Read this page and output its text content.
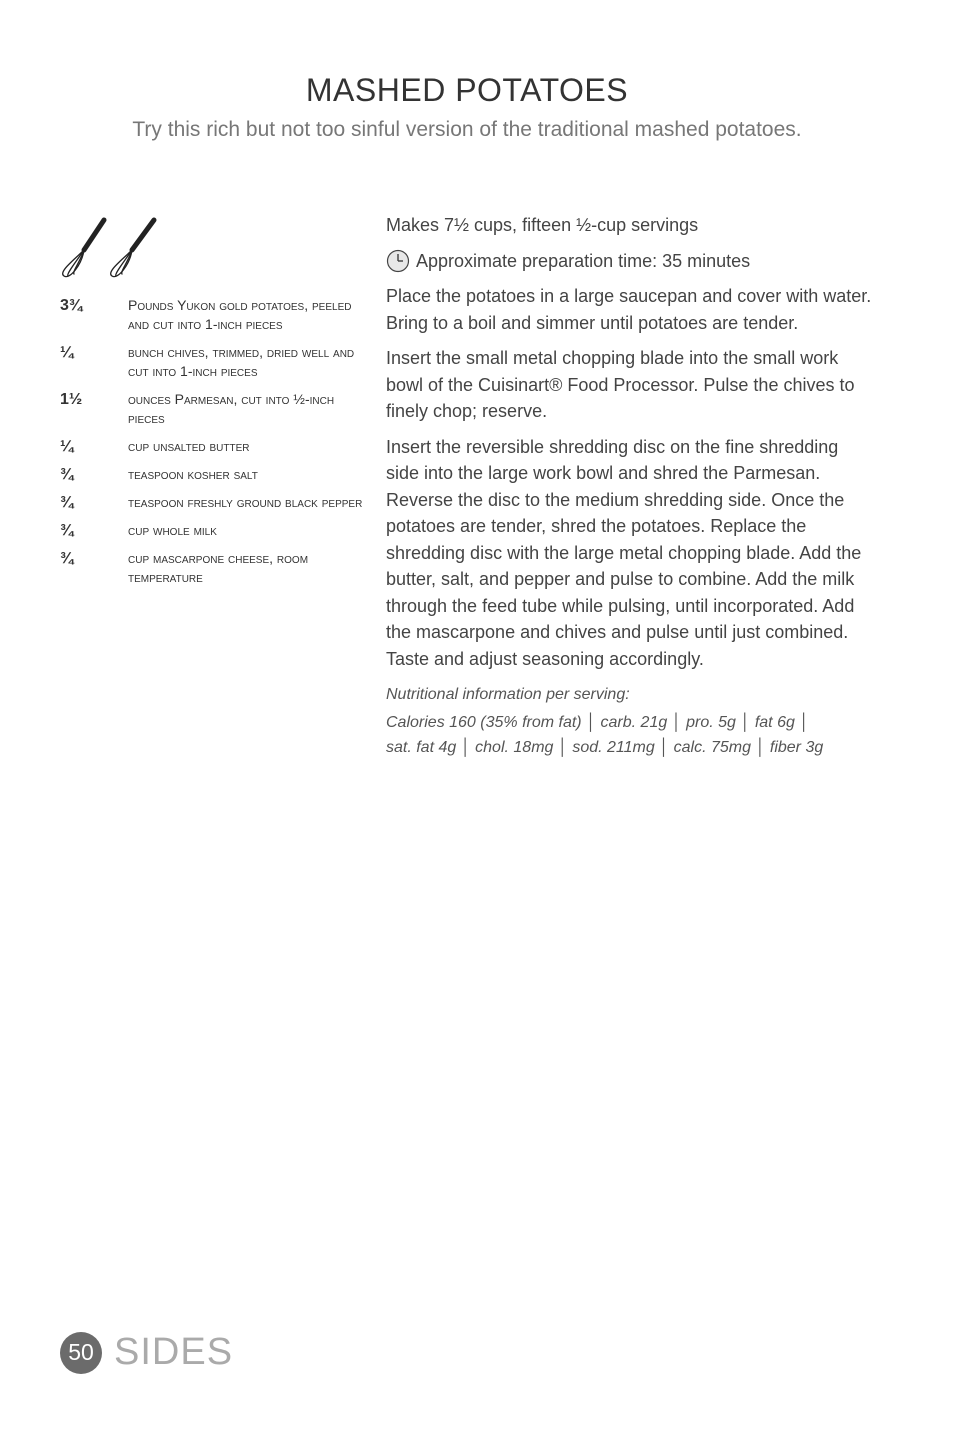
MASHED POTATOES
Try this rich but not too sinful version of the traditional mashed potatoes.
3¾	Pounds Yukon gold potatoes, peeled and cut into 1-inch pieces
¼	bunch chives, trimmed, dried well and cut into 1-inch pieces
1½	ounces Parmesan, cut into ½-inch pieces
¼	cup unsalted butter
¾	teaspoon kosher salt
¾	teaspoon freshly ground black pepper
¾	cup whole milk
¾	cup mascarpone cheese, room temperature

Makes 7½ cups, fifteen ½-cup servings

Approximate preparation time: 35 minutes

Place the potatoes in a large saucepan and cover with water. Bring to a boil and simmer until potatoes are tender.

Insert the small metal chopping blade into the small work bowl of the Cuisinart® Food Processor. Pulse the chives to finely chop; reserve.

Insert the reversible shredding disc on the fine shredding side into the large work bowl and shred the Parmesan. Reverse the disc to the medium shredding side. Once the potatoes are tender, shred the potatoes. Replace the shredding disc with the large metal chopping blade. Add the butter, salt, and pepper and pulse to combine. Add the milk through the feed tube while pulsing, until incorporated. Add the mascarpone and chives and pulse until just combined. Taste and adjust seasoning accordingly.

Nutritional information per serving:

Calories 160 (35% from fat) │ carb. 21g │ pro. 5g │ fat 6g │

sat. fat 4g │ chol. 18mg │ sod. 211mg │ calc. 75mg │ fiber 3g

50 SIDES
